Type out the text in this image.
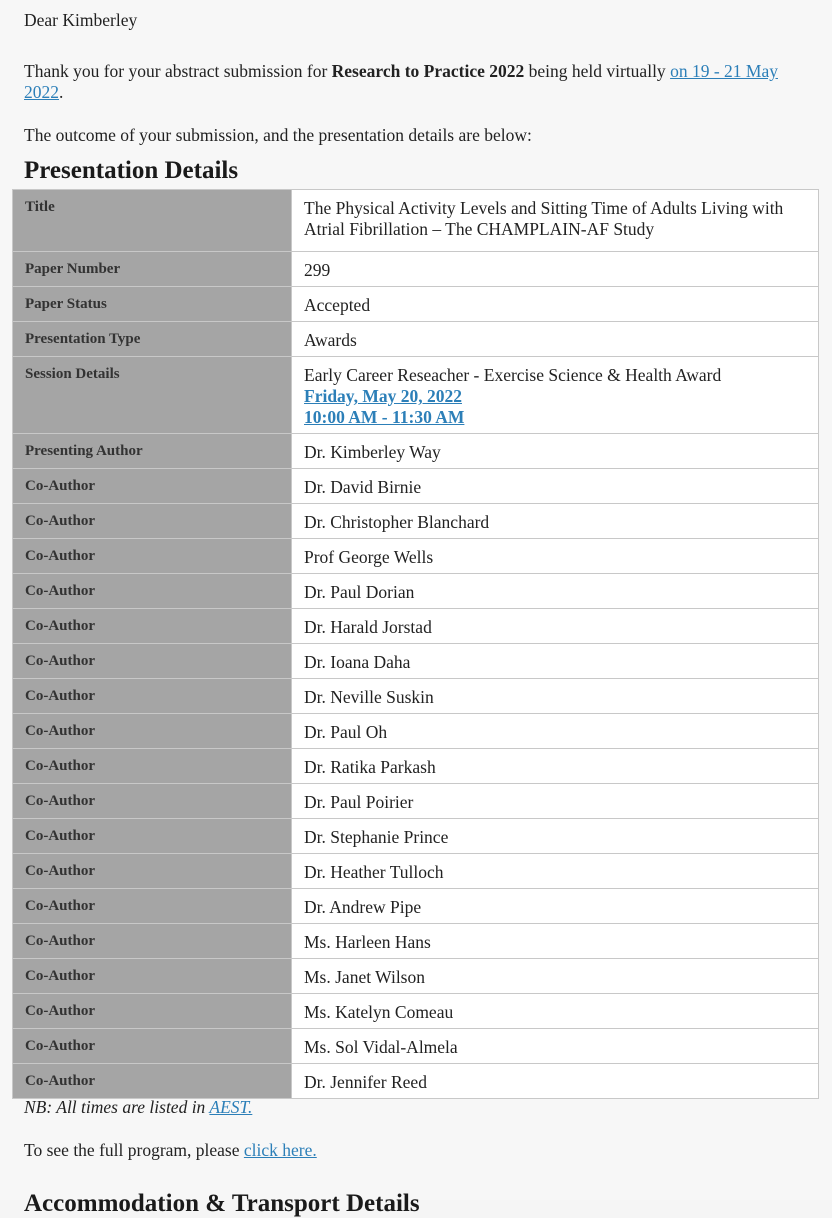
Dear Kimberley

Thank you for your abstract submission for Research to Practice 2022 being held virtually on 19 - 21 May 2022.

The outcome of your submission, and the presentation details are below:

Presentation Details
Title	The Physical Activity Levels and Sitting Time of Adults Living with Atrial Fibrillation – The CHAMPLAIN-AF Study
Paper Number	299
Paper Status	Accepted
Presentation Type	Awards
Session Details	Early Career Reseacher - Exercise Science & Health Award
Friday, May 20, 2022
10:00 AM - 11:30 AM

Presenting Author	Dr. Kimberley Way
Co-Author	Dr. David Birnie
Co-Author	Dr. Christopher Blanchard
Co-Author	Prof George Wells
Co-Author	Dr. Paul Dorian
Co-Author	Dr. Harald Jorstad
Co-Author	Dr. Ioana Daha
Co-Author	Dr. Neville Suskin
Co-Author	Dr. Paul Oh
Co-Author	Dr. Ratika Parkash
Co-Author	Dr. Paul Poirier
Co-Author	Dr. Stephanie Prince
Co-Author	Dr. Heather Tulloch
Co-Author	Dr. Andrew Pipe
Co-Author	Ms. Harleen Hans
Co-Author	Ms. Janet Wilson
Co-Author	Ms. Katelyn Comeau
Co-Author	Ms. Sol Vidal-Almela
Co-Author	Dr. Jennifer Reed

NB: All times are listed in AEST.

To see the full program, please click here.

Accommodation & Transport Details
